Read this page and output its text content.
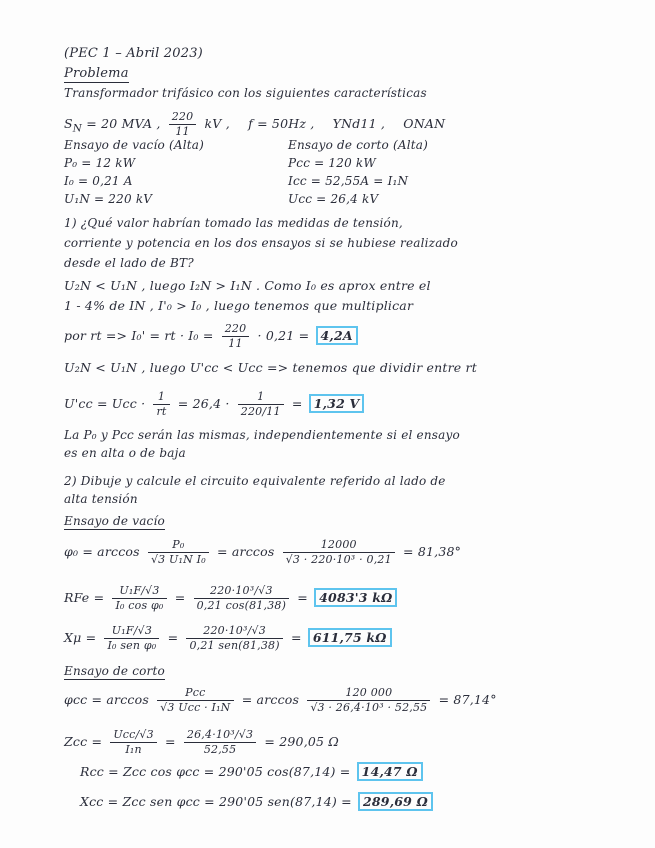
(PEC 1 – Abril 2023)
Problema
Transformador trifásico con los siguientes características
$S_N = 20$ MVA , $\frac{220}{11}$ kV , f = 50Hz , YNd11 , ONAN
Ensayo de vacío (Alta)	Ensayo de corto (Alta)
P₀ = 12 kW
I₀ = 0,21 A
U₁N = 220 kV
Pcc = 120 kW
Icc = 52,55A = I₁N
Ucc = 26,4 kV
1) ¿Qué valor habrían tomado las medidas de tensión,
corriente y potencia en los dos ensayos si se hubiese realizado
desde el lado de BT?
U₂N < U₁N , luego I₂N > I₁N . Como I₀ es aprox entre el
1 - 4% de IN , I'₀ > I₀ , luego tenemos que multiplicar
por rt => I₀' = rt · $I_0 = \frac{220}{11} \cdot 0,21 = 4,2A$
U₂N < U₁N , luego U'cc < Ucc => tenemos que dividir entre rt
U'cc = Ucc · $\frac{1}{rt} = 26,4 \cdot \frac{1}{220/11} = 1,32$ V
La P₀ y Pcc serán las mismas, independientemente si el ensayo
es en alta o de baja
2) Dibuje y calcule el circuito equivalente referido al lado de
alta tensión
Ensayo de vacío
$\varphi_0 = \arccos \frac{\text{P₀}}{\text{√3 U₁N I₀}} = \arccos \frac{12000}{\text{√3 · 220·10³ · 0,21}} = 81,38^\circ$
RFe = $\frac{\text{U₁F/√3}}{\text{I₀ cos φ₀}} = \frac{\text{220·10³/√3}}{0,21 \cos(81,38)} = 4083'3$ kΩ
$X\mu = \frac{\text{U₁F/√3}}{\text{I₀ sen φ₀}} = \frac{\text{220·10³/√3}}{\text{0,21 sen(81,38)}} = 611,75$ kΩ
Ensayo de corto
$\varphi cc = \arccos \frac{\text{Pcc}}{\text{√3 Ucc · I₁N}} = \arccos \frac{120 000}{\text{√3 · 26,4·10³ · 52,55}} = 87,14^\circ$
Zcc = $\frac{\text{Ucc/√3}}{\text{I₁n}} = \frac{\text{26,4·10³/√3}}{52,55} = 290,05$ Ω
Rcc = Zcc cos φcc = 290'05 cos(87,14) = 14,47 Ω
Xcc = Zcc sen φcc = 290'05 sen(87,14) = 289,69 Ω
